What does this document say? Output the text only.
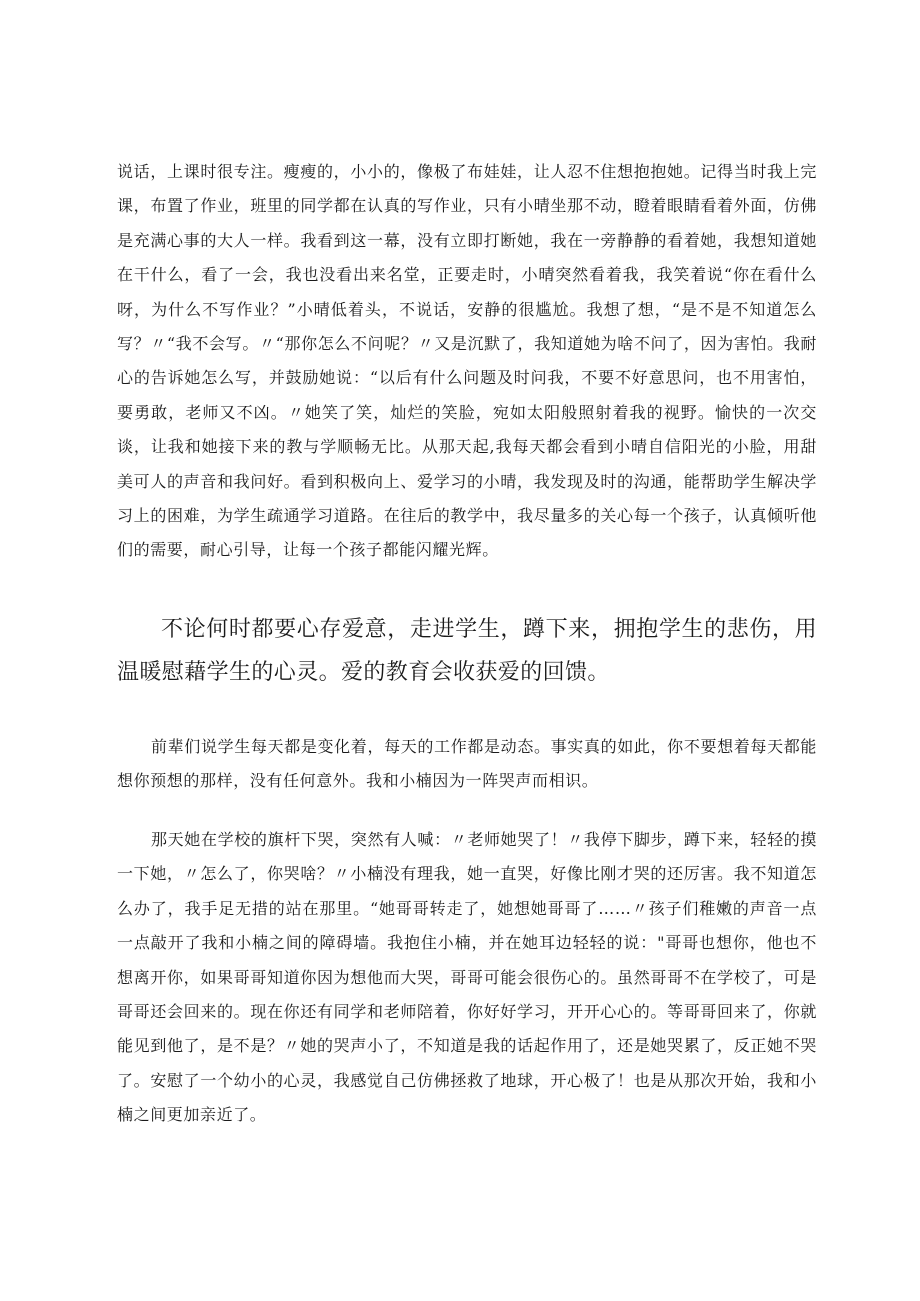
说话，上课时很专注。瘦瘦的，小小的，像极了布娃娃，让人忍不住想抱抱她。记得当时我上完课，布置了作业，班里的同学都在认真的写作业，只有小晴坐那不动，瞪着眼睛看着外面，仿佛是充满心事的大人一样。我看到这一幕，没有立即打断她，我在一旁静静的看着她，我想知道她在干什么，看了一会，我也没看出来名堂，正要走时，小晴突然看着我，我笑着说“你在看什么呀，为什么不写作业？”小晴低着头，不说话，安静的很尴尬。我想了想，“是不是不知道怎么写？〃“我不会写。〃“那你怎么不问呢？〃又是沉默了，我知道她为啥不问了，因为害怕。我耐心的告诉她怎么写，并鼓励她说：“以后有什么问题及时问我，不要不好意思问，也不用害怕，要勇敢，老师又不凶。〃她笑了笑，灿烂的笑脸，宛如太阳般照射着我的视野。愉快的一次交谈，让我和她接下来的教与学顺畅无比。从那天起,我每天都会看到小晴自信阳光的小脸，用甜美可人的声音和我问好。看到积极向上、爱学习的小晴，我发现及时的沟通，能帮助学生解决学习上的困难，为学生疏通学习道路。在往后的教学中，我尽量多的关心每一个孩子，认真倾听他们的需要，耐心引导，让每一个孩子都能闪耀光辉。

不论何时都要心存爱意，走进学生，蹲下来，拥抱学生的悲伤，用温暖慰藉学生的心灵。爱的教育会收获爱的回馈。

前辈们说学生每天都是变化着，每天的工作都是动态。事实真的如此，你不要想着每天都能想你预想的那样，没有任何意外。我和小楠因为一阵哭声而相识。

那天她在学校的旗杆下哭，突然有人喊：〃老师她哭了！〃我停下脚步，蹲下来，轻轻的摸一下她，〃怎么了，你哭啥？〃小楠没有理我，她一直哭，好像比刚才哭的还厉害。我不知道怎么办了，我手足无措的站在那里。“她哥哥转走了，她想她哥哥了……〃孩子们稚嫩的声音一点一点敲开了我和小楠之间的障碍墙。我抱住小楠，并在她耳边轻轻的说："哥哥也想你，他也不想离开你，如果哥哥知道你因为想他而大哭，哥哥可能会很伤心的。虽然哥哥不在学校了，可是哥哥还会回来的。现在你还有同学和老师陪着，你好好学习，开开心心的。等哥哥回来了，你就能见到他了，是不是？〃她的哭声小了，不知道是我的话起作用了，还是她哭累了，反正她不哭了。安慰了一个幼小的心灵，我感觉自己仿佛拯救了地球，开心极了！也是从那次开始，我和小楠之间更加亲近了。
